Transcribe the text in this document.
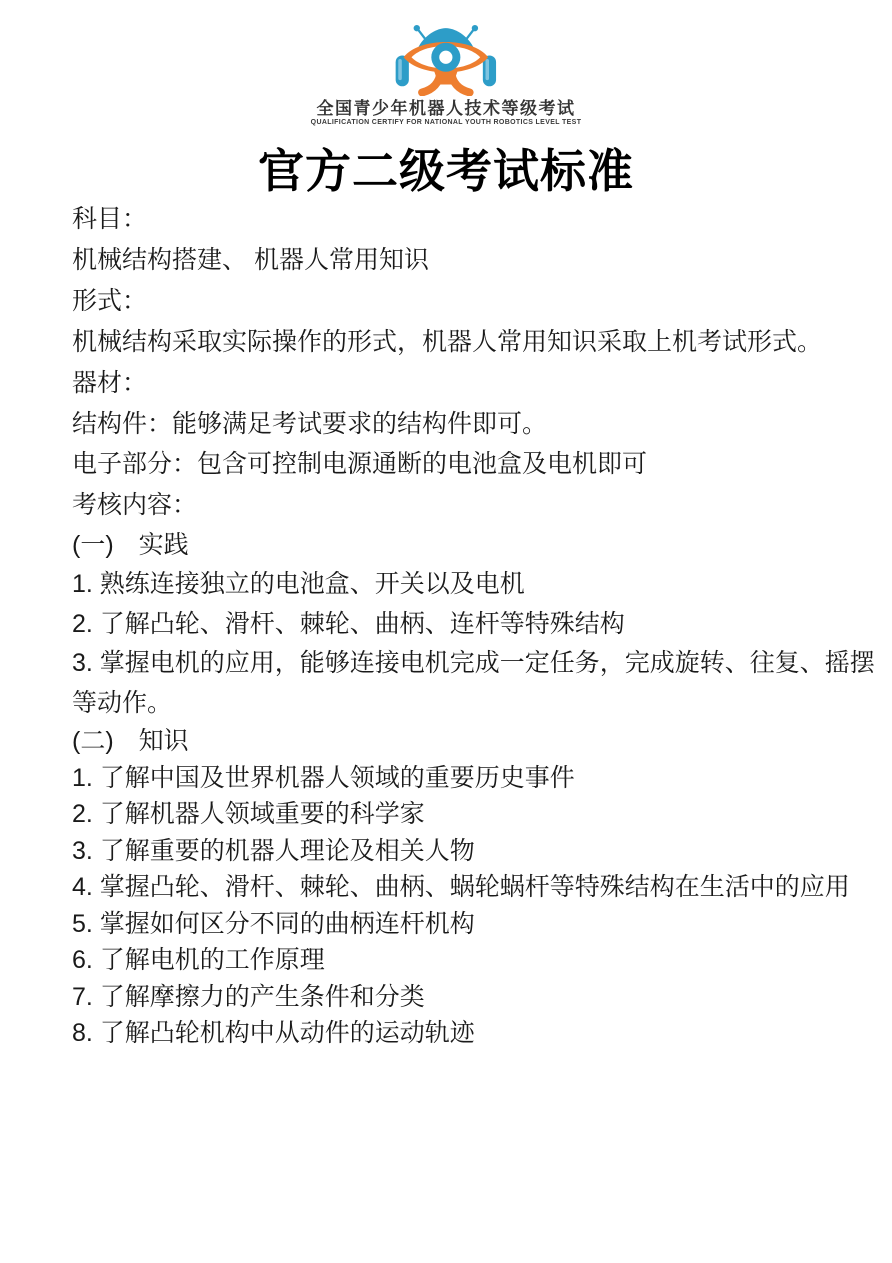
全国青少年机器人技术等级考试
QUALIFICATION CERTIFY FOR NATIONAL YOUTH ROBOTICS LEVEL TEST
官方二级考试标准

科目：
机械结构搭建、 机器人常用知识

形式：
机械结构采取实际操作的形式，机器人常用知识采取上机考试形式。

器材：
结构件：能够满足考试要求的结构件即可。
电子部分：包含可控制电源通断的电池盒及电机即可

考核内容：

(一)　实践
1. 熟练连接独立的电池盒、开关以及电机
2. 了解凸轮、滑杆、棘轮、曲柄、连杆等特殊结构
3. 掌握电机的应用，能够连接电机完成一定任务，完成旋转、往复、摇摆等动作。

(二)　知识
1. 了解中国及世界机器人领域的重要历史事件
2. 了解机器人领域重要的科学家
3. 了解重要的机器人理论及相关人物
4. 掌握凸轮、滑杆、棘轮、曲柄、蜗轮蜗杆等特殊结构在生活中的应用
5. 掌握如何区分不同的曲柄连杆机构
6. 了解电机的工作原理
7. 了解摩擦力的产生条件和分类
8. 了解凸轮机构中从动件的运动轨迹
